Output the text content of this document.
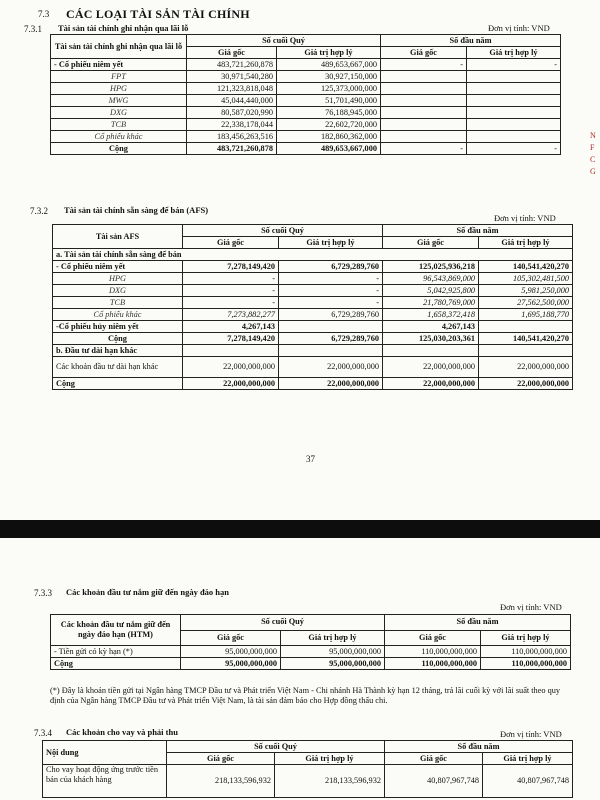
7.3 CÁC LOẠI TÀI SẢN TÀI CHÍNH
7.3.1 Tài sản tài chính ghi nhận qua lãi lỗ	Đơn vị tính: VND
Tài sản tài chính ghi nhận qua lãi lỗ	Số cuối Quý		Số đầu năm	
	Giá gốc	Giá trị hợp lý	Giá gốc	Giá trị hợp lý
- Cổ phiếu niêm yết	483,721,260,878	489,653,667,000	-	-
FPT	30,971,540,280	30,927,150,000		
HPG	121,323,818,048	125,373,000,000		
MWG	45,044,440,000	51,701,490,000		
DXG	80,587,020,990	76,188,945,000		
TCB	22,338,178,044	22,602,720,000		
Cổ phiếu khác	183,456,263,516	182,860,362,000		
Cộng	483,721,260,878	489,653,667,000	-	-
7.3.2 Tài sản tài chính sẵn sàng để bán (AFS)
Đơn vị tính: VND
Tài sản AFS	Số cuối Quý		Số đầu năm	
	Giá gốc	Giá trị hợp lý	Giá gốc	Giá trị hợp lý
a. Tài sản tài chính sẵn sàng để bán				
- Cổ phiếu niêm yết	7,278,149,420	6,729,289,760	125,025,936,218	140,541,420,270
HPG	-	-	96,543,869,000	105,302,481,500
DXG	-	-	5,042,925,800	5,981,250,000
TCB	-	-	21,780,769,000	27,562,500,000
Cổ phiếu khác	7,273,882,277	6,729,289,760	1,658,372,418	1,695,188,770
-Cổ phiếu hủy niêm yết	4,267,143		4,267,143	
Cộng	7,278,149,420	6,729,289,760	125,030,203,361	140,541,420,270
b. Đầu tư dài hạn khác				
Các khoản đầu tư dài hạn khác	22,000,000,000	22,000,000,000	22,000,000,000	22,000,000,000
Cộng	22,000,000,000	22,000,000,000	22,000,000,000	22,000,000,000
37
N
F
C
G
7.3.3 Các khoản đầu tư nắm giữ đến ngày đáo hạn
Đơn vị tính: VND
Các khoản đầu tư nắm giữ đến ngày đáo hạn (HTM)	Số cuối Quý		Số đầu năm	
	Giá gốc	Giá trị hợp lý	Giá gốc	Giá trị hợp lý
- Tiền gửi có kỳ hạn (*)	95,000,000,000	95,000,000,000	110,000,000,000	110,000,000,000
Cộng	95,000,000,000	95,000,000,000	110,000,000,000	110,000,000,000
(*) Đây là khoản tiền gửi tại Ngân hàng TMCP Đầu tư và Phát triển Việt Nam - Chi nhánh Hà Thành kỳ hạn 12 tháng, trả lãi cuối kỳ với lãi suất theo quy định của Ngân hàng TMCP Đầu tư và Phát triển Việt Nam, là tài sản đảm bảo cho Hợp đồng thấu chi.
7.3.4 Các khoản cho vay và phải thu	Đơn vị tính: VND
Nội dung	Số cuối Quý		Số đầu năm	
	Giá gốc	Giá trị hợp lý	Giá gốc	Giá trị hợp lý
Cho vay hoạt động ứng trước tiền bán của khách hàng	218,133,596,932	218,133,596,932	40,807,967,748	40,807,967,748
